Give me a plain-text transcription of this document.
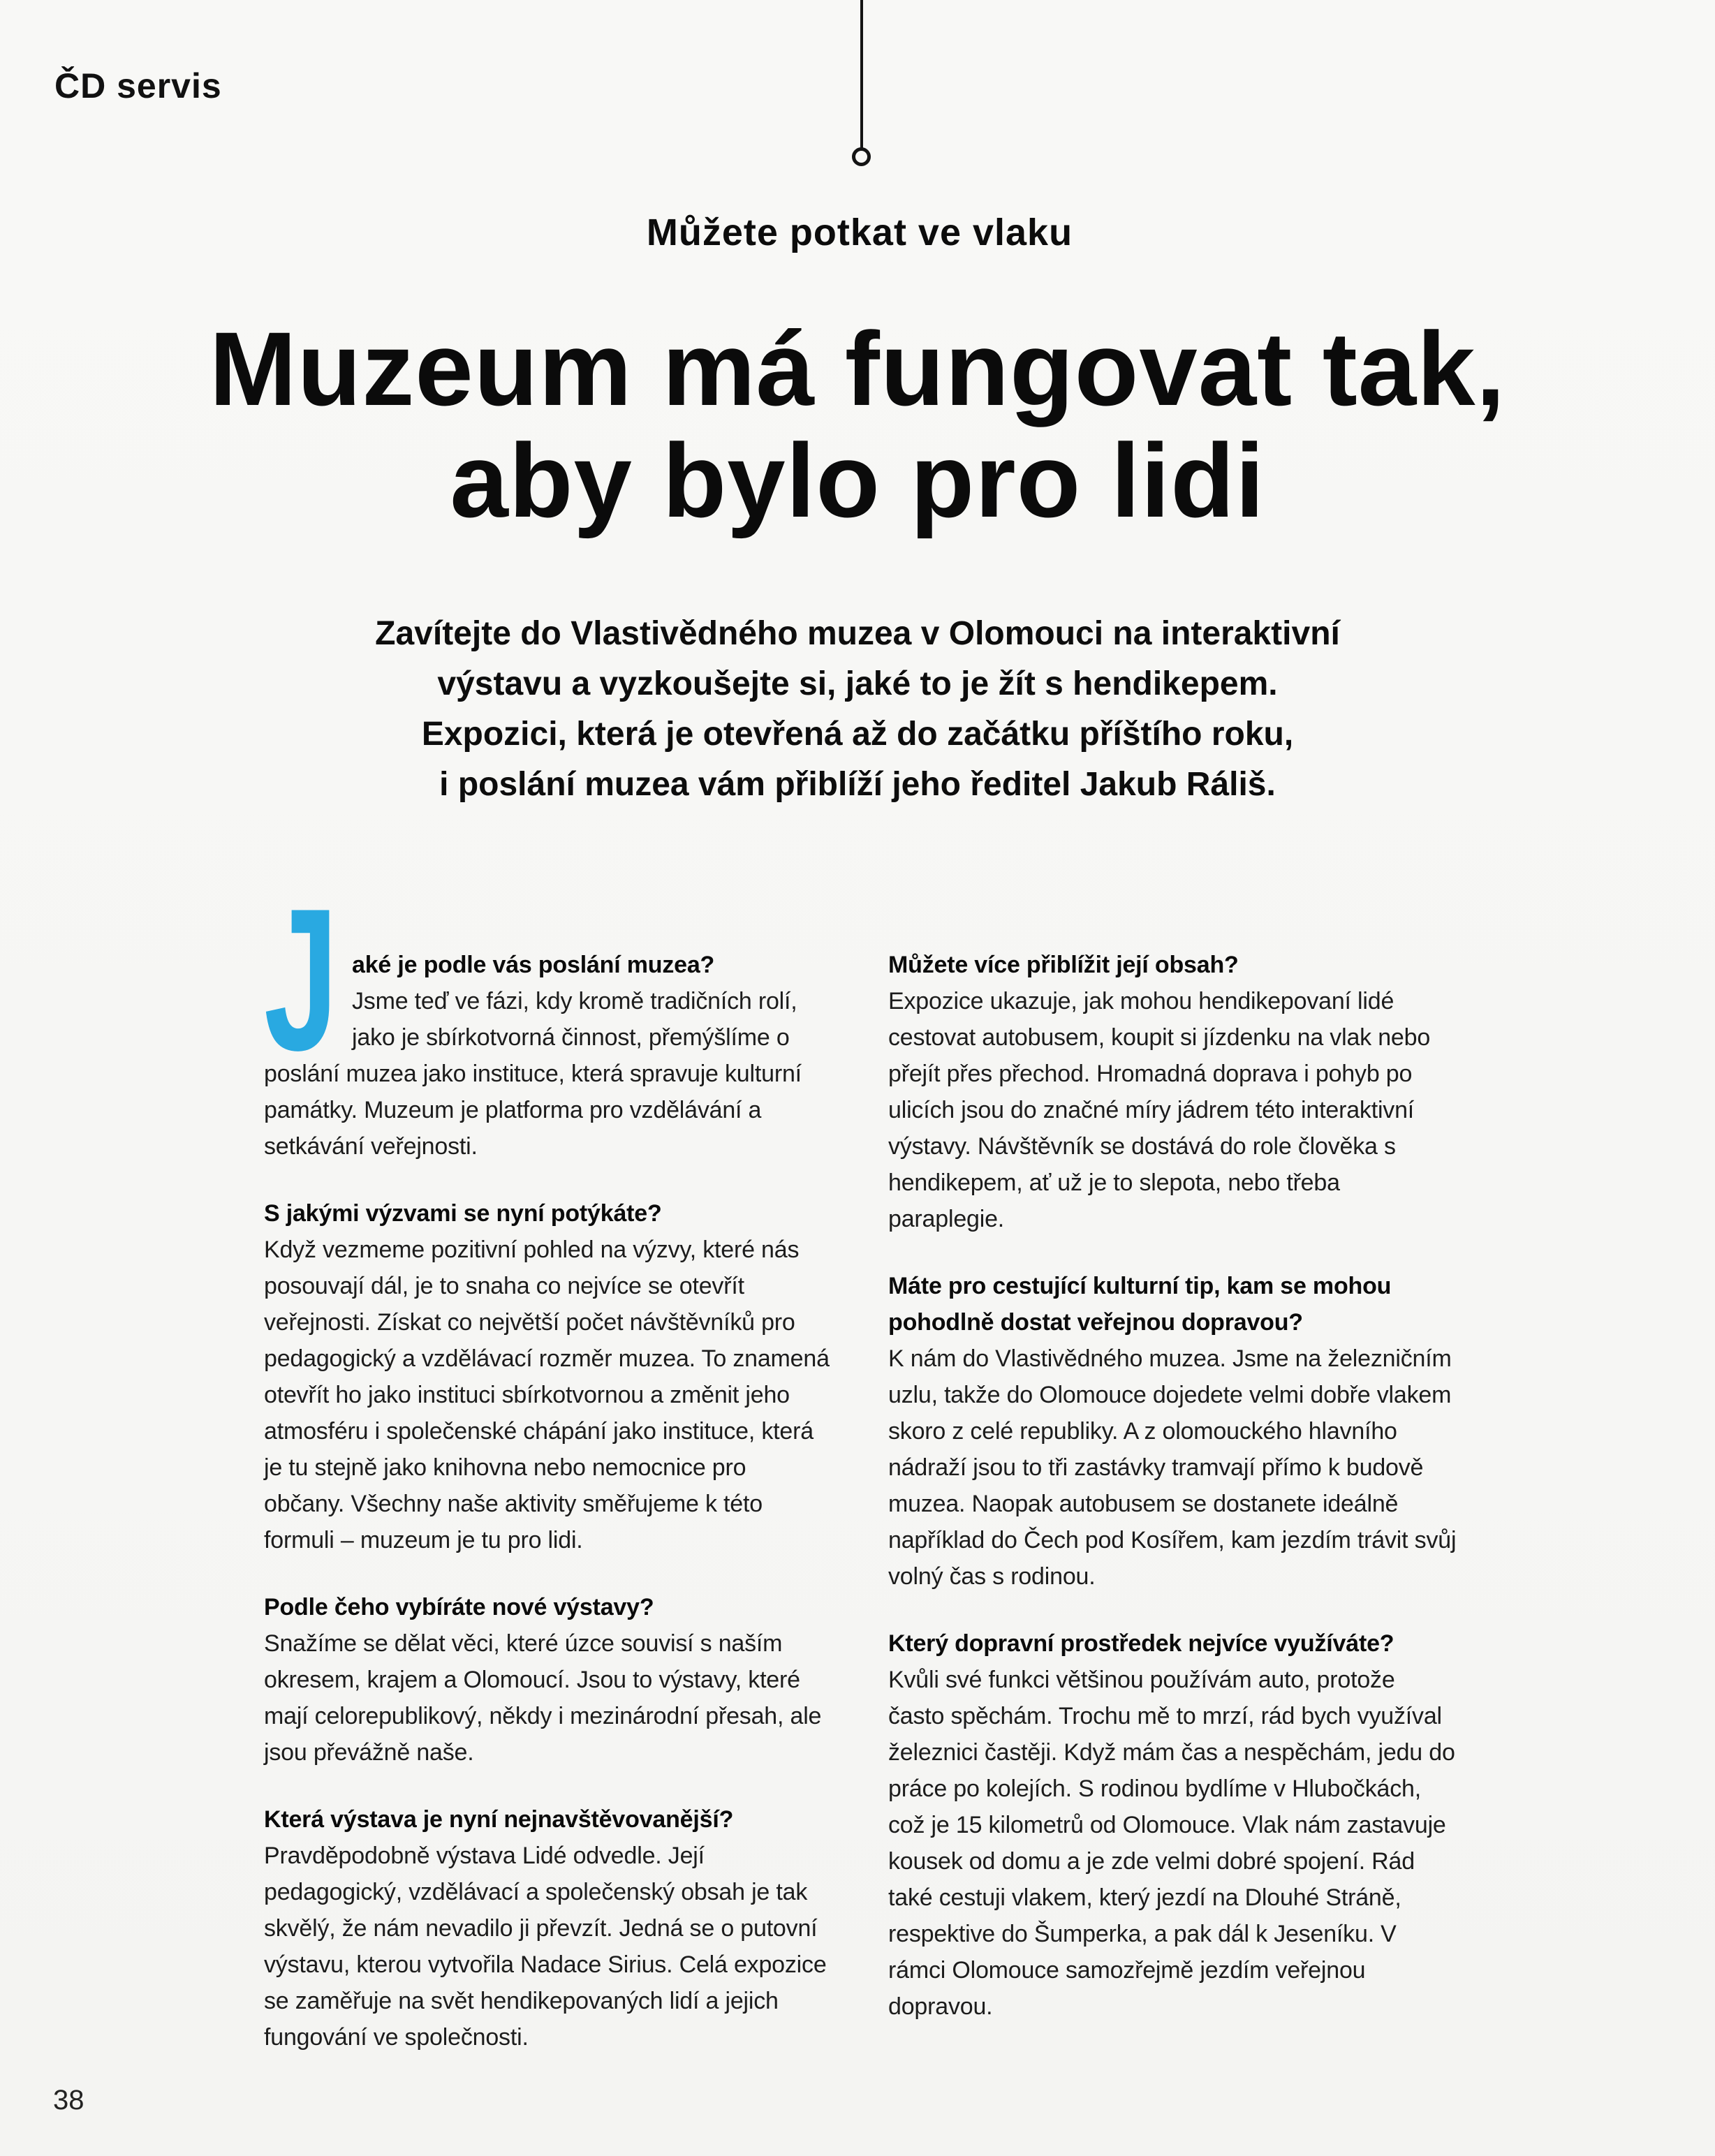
ČD servis
Můžete potkat ve vlaku
Muzeum má fungovat tak,
aby bylo pro lidi
Zavítejte do Vlastivědného muzea v Olomouci na interaktivní
výstavu a vyzkoušejte si, jaké to je žít s hendikepem.
Expozici, která je otevřená až do začátku příštího roku,
i poslání muzea vám přiblíží jeho ředitel Jakub Ráliš.
J aké je podle vás poslání muzea?

Jsme teď ve fázi, kdy kromě tradičních rolí, jako je sbírkotvorná činnost, přemýšlíme o poslání muzea jako instituce, která spravuje kulturní památky. Muzeum je platforma pro vzdělávání a setkávání veřejnosti.

S jakými výzvami se nyní potýkáte?

Když vezmeme pozitivní pohled na výzvy, které nás posouvají dál, je to snaha co nejvíce se otevřít veřejnosti. Získat co největší počet návštěvníků pro pedagogický a vzdělávací rozměr muzea. To znamená otevřít ho jako instituci sbírkotvornou a změnit jeho atmosféru i společenské chápání jako instituce, která je tu stejně jako knihovna nebo nemocnice pro občany. Všechny naše aktivity směřujeme k této formuli – muzeum je tu pro lidi.

Podle čeho vybíráte nové výstavy?

Snažíme se dělat věci, které úzce souvisí s naším okresem, krajem a Olomoucí. Jsou to výstavy, které mají celorepublikový, někdy i mezinárodní přesah, ale jsou převážně naše.

Která výstava je nyní nejnavštěvovanější?

Pravděpodobně výstava Lidé odvedle. Její pedagogický, vzdělávací a společenský obsah je tak skvělý, že nám nevadilo ji převzít. Jedná se o putovní výstavu, kterou vytvořila Nadace Sirius. Celá expozice se zaměřuje na svět hendikepovaných lidí a jejich fungování ve společnosti.

Můžete více přiblížit její obsah?

Expozice ukazuje, jak mohou hendikepovaní lidé cestovat autobusem, koupit si jízdenku na vlak nebo přejít přes přechod. Hromadná doprava i pohyb po ulicích jsou do značné míry jádrem této interaktivní výstavy. Návštěvník se dostává do role člověka s hendikepem, ať už je to slepota, nebo třeba paraplegie.

Máte pro cestující kulturní tip, kam se mohou pohodlně dostat veřejnou dopravou?

K nám do Vlastivědného muzea. Jsme na železničním uzlu, takže do Olomouce dojedete velmi dobře vlakem skoro z celé republiky. A z olomouckého hlavního nádraží jsou to tři zastávky tramvají přímo k budově muzea. Naopak autobusem se dostanete ideálně například do Čech pod Kosířem, kam jezdím trávit svůj volný čas s rodinou.

Který dopravní prostředek nejvíce využíváte?

Kvůli své funkci většinou používám auto, protože často spěchám. Trochu mě to mrzí, rád bych využíval železnici častěji. Když mám čas a nespěchám, jedu do práce po kolejích. S rodinou bydlíme v Hlubočkách, což je 15 kilometrů od Olomouce. Vlak nám zastavuje kousek od domu a je zde velmi dobré spojení. Rád také cestuji vlakem, který jezdí na Dlouhé Stráně, respektive do Šumperka, a pak dál k Jeseníku. V rámci Olomouce samozřejmě jezdím veřejnou dopravou.

38
